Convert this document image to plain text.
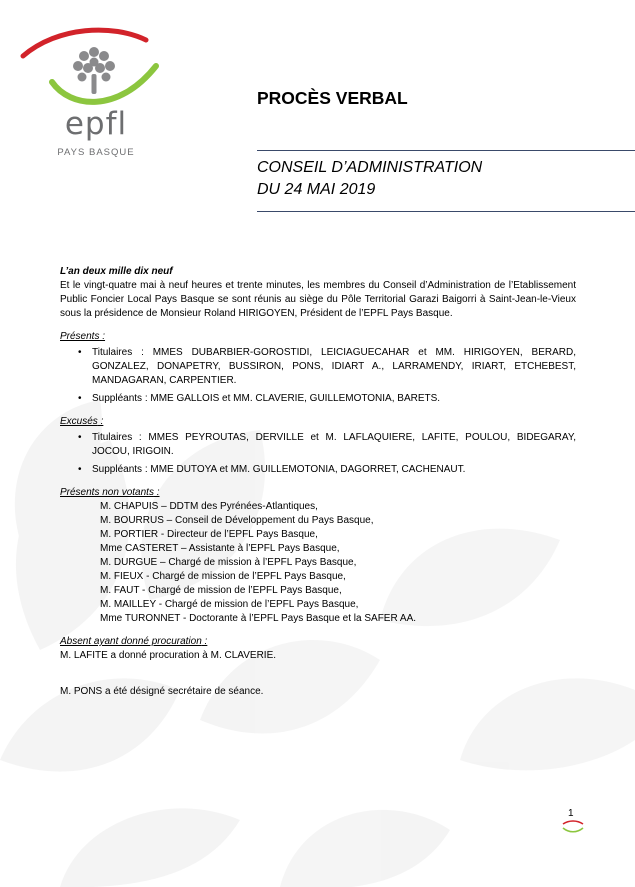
epfl
PAYS BASQUE
PROCÈS VERBAL
CONSEIL D’ADMINISTRATION
DU 24 MAI 2019
L’an deux mille dix neuf
Et le vingt-quatre mai à neuf heures et trente minutes, les membres du Conseil d’Administration de l’Etablissement Public Foncier Local Pays Basque se sont réunis au siège du Pôle Territorial Garazi Baigorri à Saint-Jean-le-Vieux sous la présidence de Monsieur Roland HIRIGOYEN, Président de l’EPFL Pays Basque.
Présents :
• Titulaires : MMES DUBARBIER-GOROSTIDI, LEICIAGUECAHAR et MM. HIRIGOYEN, BERARD, GONZALEZ, DONAPETRY, BUSSIRON, PONS, IDIART A., LARRAMENDY, IRIART, ETCHEBEST, MANDAGARAN, CARPENTIER.
• Suppléants : MME GALLOIS et MM. CLAVERIE, GUILLEMOTONIA, BARETS.
Excusés :
• Titulaires : MMES PEYROUTAS, DERVILLE et M. LAFLAQUIERE, LAFITE, POULOU, BIDEGARAY, JOCOU, IRIGOIN.
• Suppléants : MME DUTOYA et MM. GUILLEMOTONIA, DAGORRET, CACHENAUT.
Présents non votants :
M. CHAPUIS – DDTM des Pyrénées-Atlantiques,
M. BOURRUS – Conseil de Développement du Pays Basque,
M. PORTIER - Directeur de l’EPFL Pays Basque,
Mme CASTERET – Assistante à l’EPFL Pays Basque,
M. DURGUE – Chargé de mission à l’EPFL Pays Basque,
M. FIEUX - Chargé de mission de l’EPFL Pays Basque,
M. FAUT - Chargé de mission de l’EPFL Pays Basque,
M. MAILLEY - Chargé de mission de l’EPFL Pays Basque,
Mme TURONNET - Doctorante à l’EPFL Pays Basque et la SAFER AA.
Absent ayant donné procuration :
M. LAFITE a donné procuration à M. CLAVERIE.
M. PONS a été désigné secrétaire de séance.
1
